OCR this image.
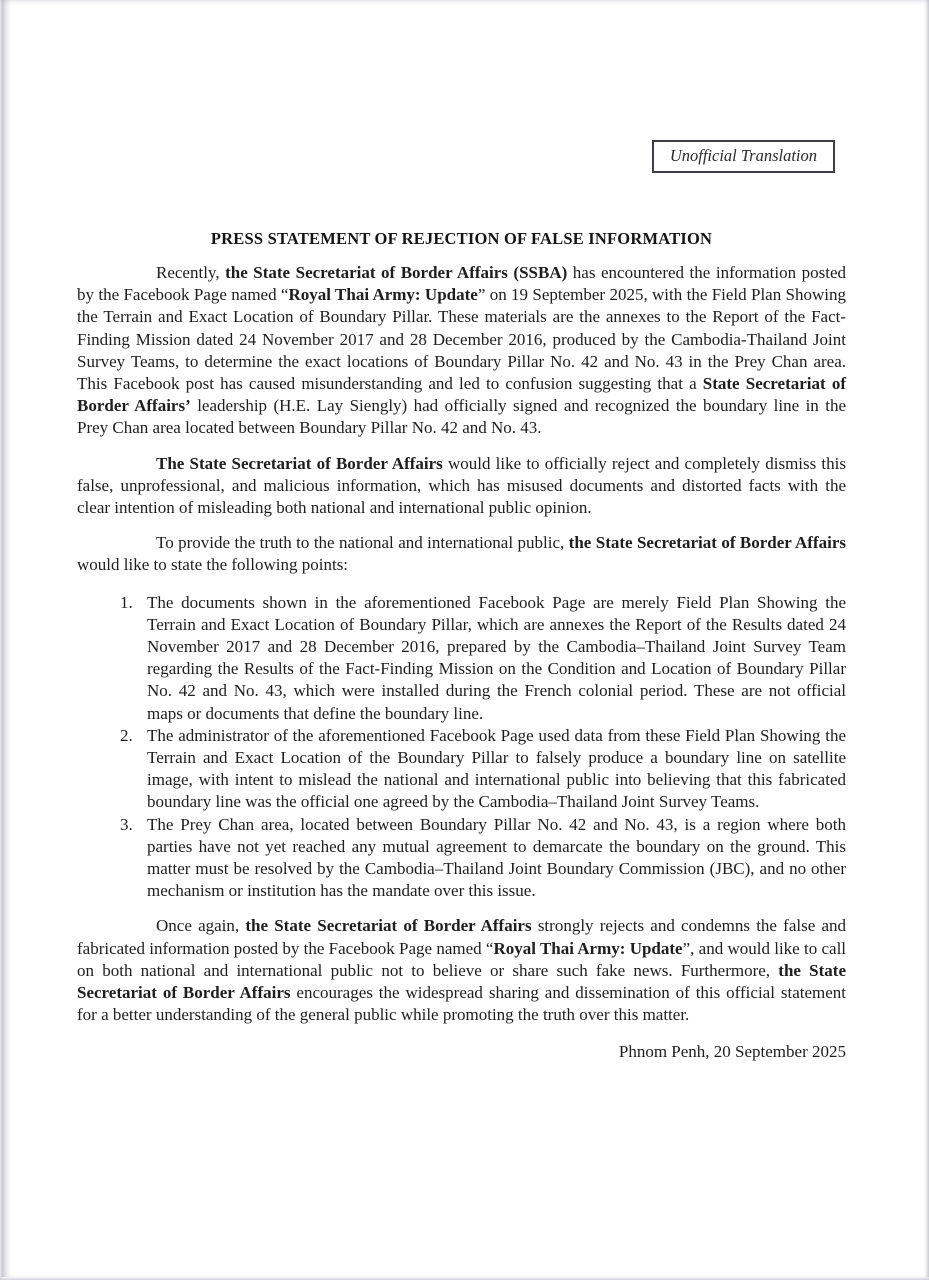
Unofficial Translation
PRESS STATEMENT OF REJECTION OF FALSE INFORMATION

Recently, the State Secretariat of Border Affairs (SSBA) has encountered the information posted by the Facebook Page named “Royal Thai Army: Update” on 19 September 2025, with the Field Plan Showing the Terrain and Exact Location of Boundary Pillar. These materials are the annexes to the Report of the Fact-Finding Mission dated 24 November 2017 and 28 December 2016, produced by the Cambodia-Thailand Joint Survey Teams, to determine the exact locations of Boundary Pillar No. 42 and No. 43 in the Prey Chan area. This Facebook post has caused misunderstanding and led to confusion suggesting that a State Secretariat of Border Affairs’ leadership (H.E. Lay Siengly) had officially signed and recognized the boundary line in the Prey Chan area located between Boundary Pillar No. 42 and No. 43.

The State Secretariat of Border Affairs would like to officially reject and completely dismiss this false, unprofessional, and malicious information, which has misused documents and distorted facts with the clear intention of misleading both national and international public opinion.

To provide the truth to the national and international public, the State Secretariat of Border Affairs would like to state the following points:

1. The documents shown in the aforementioned Facebook Page are merely Field Plan Showing the Terrain and Exact Location of Boundary Pillar, which are annexes the Report of the Results dated 24 November 2017 and 28 December 2016, prepared by the Cambodia–Thailand Joint Survey Team regarding the Results of the Fact-Finding Mission on the Condition and Location of Boundary Pillar No. 42 and No. 43, which were installed during the French colonial period. These are not official maps or documents that define the boundary line.
2. The administrator of the aforementioned Facebook Page used data from these Field Plan Showing the Terrain and Exact Location of the Boundary Pillar to falsely produce a boundary line on satellite image, with intent to mislead the national and international public into believing that this fabricated boundary line was the official one agreed by the Cambodia–Thailand Joint Survey Teams.
3. The Prey Chan area, located between Boundary Pillar No. 42 and No. 43, is a region where both parties have not yet reached any mutual agreement to demarcate the boundary on the ground. This matter must be resolved by the Cambodia–Thailand Joint Boundary Commission (JBC), and no other mechanism or institution has the mandate over this issue.

Once again, the State Secretariat of Border Affairs strongly rejects and condemns the false and fabricated information posted by the Facebook Page named “Royal Thai Army: Update”, and would like to call on both national and international public not to believe or share such fake news. Furthermore, the State Secretariat of Border Affairs encourages the widespread sharing and dissemination of this official statement for a better understanding of the general public while promoting the truth over this matter.

Phnom Penh, 20 September 2025
